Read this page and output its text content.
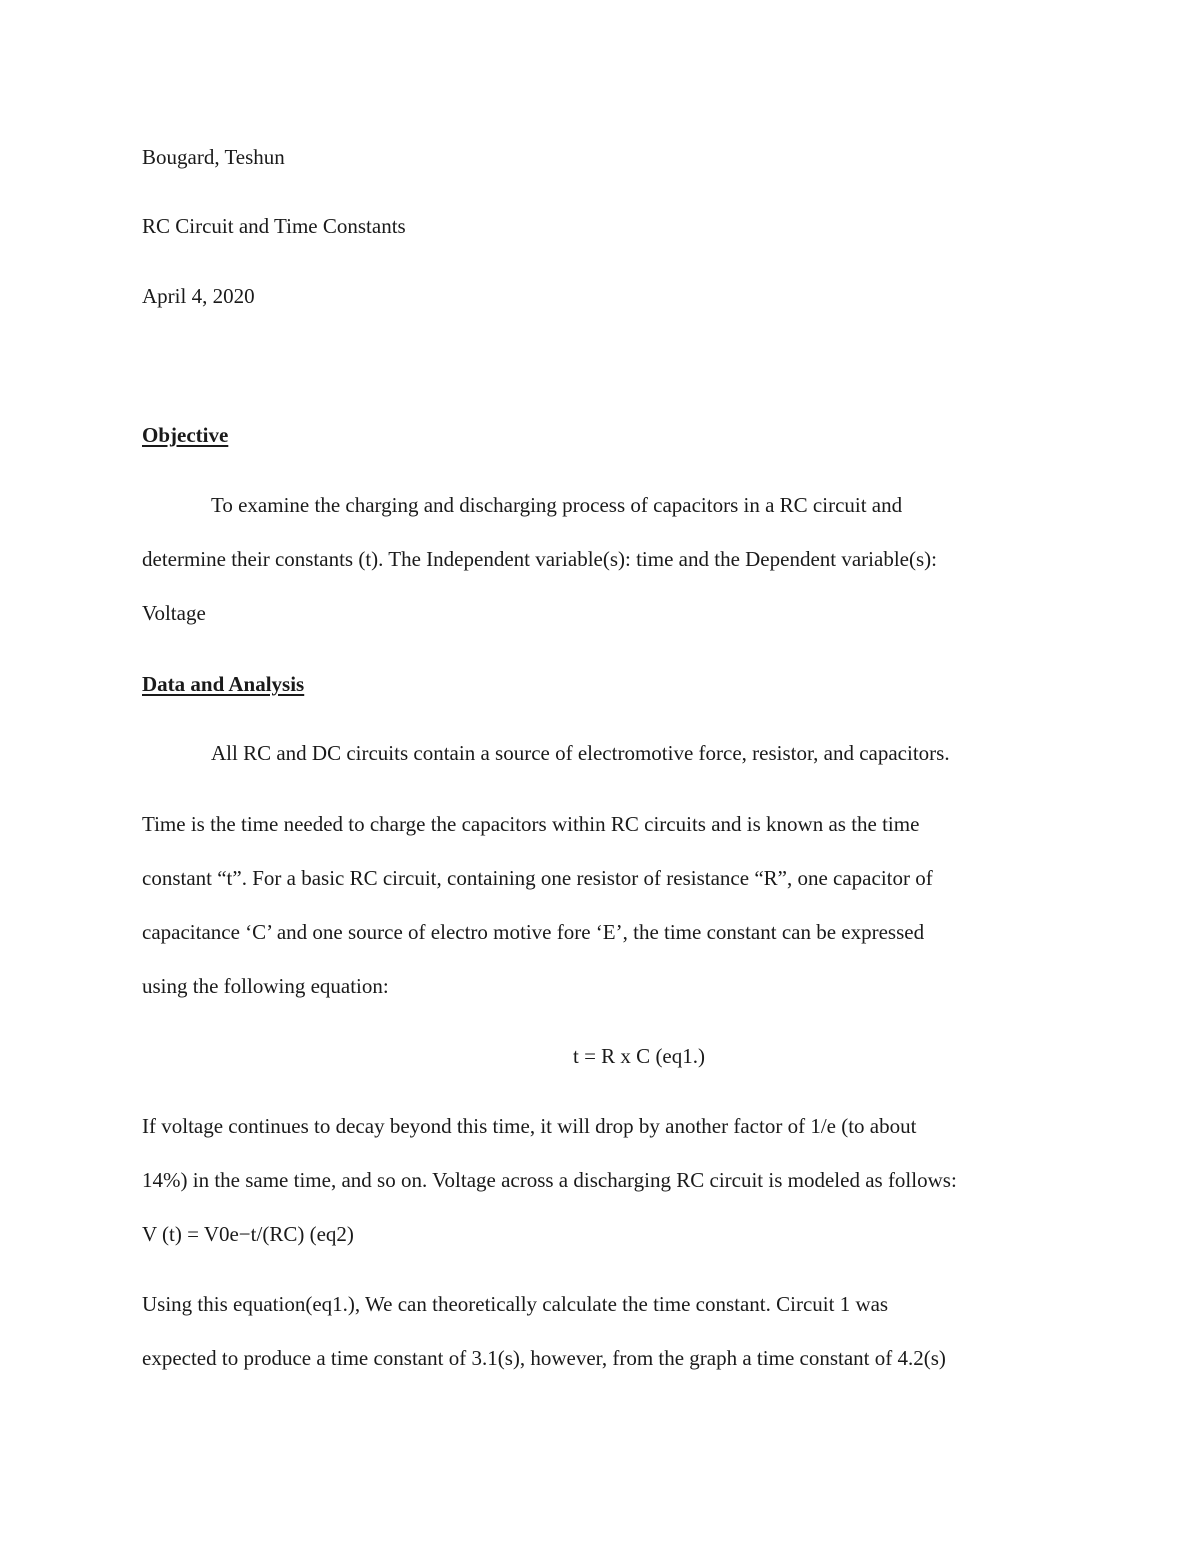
Bougard, Teshun
RC Circuit and Time Constants
April 4, 2020
Objective
To examine the charging and discharging process of capacitors in a RC circuit and
determine their constants (t). The Independent variable(s): time and the Dependent variable(s):
Voltage
Data and Analysis
All RC and DC circuits contain a source of electromotive force, resistor, and capacitors.
Time is the time needed to charge the capacitors within RC circuits and is known as the time
constant “t”. For a basic RC circuit, containing one resistor of resistance “R”, one capacitor of
capacitance ‘C’ and one source of electro motive fore ‘E’, the time constant can be expressed
using the following equation:
t = R x C (eq1.)
If voltage continues to decay beyond this time, it will drop by another factor of 1/e (to about
14%) in the same time, and so on. Voltage across a discharging RC circuit is modeled as follows:
V (t) = V0e−t/(RC) (eq2)
Using this equation(eq1.), We can theoretically calculate the time constant. Circuit 1 was
expected to produce a time constant of 3.1(s), however, from the graph a time constant of 4.2(s)
